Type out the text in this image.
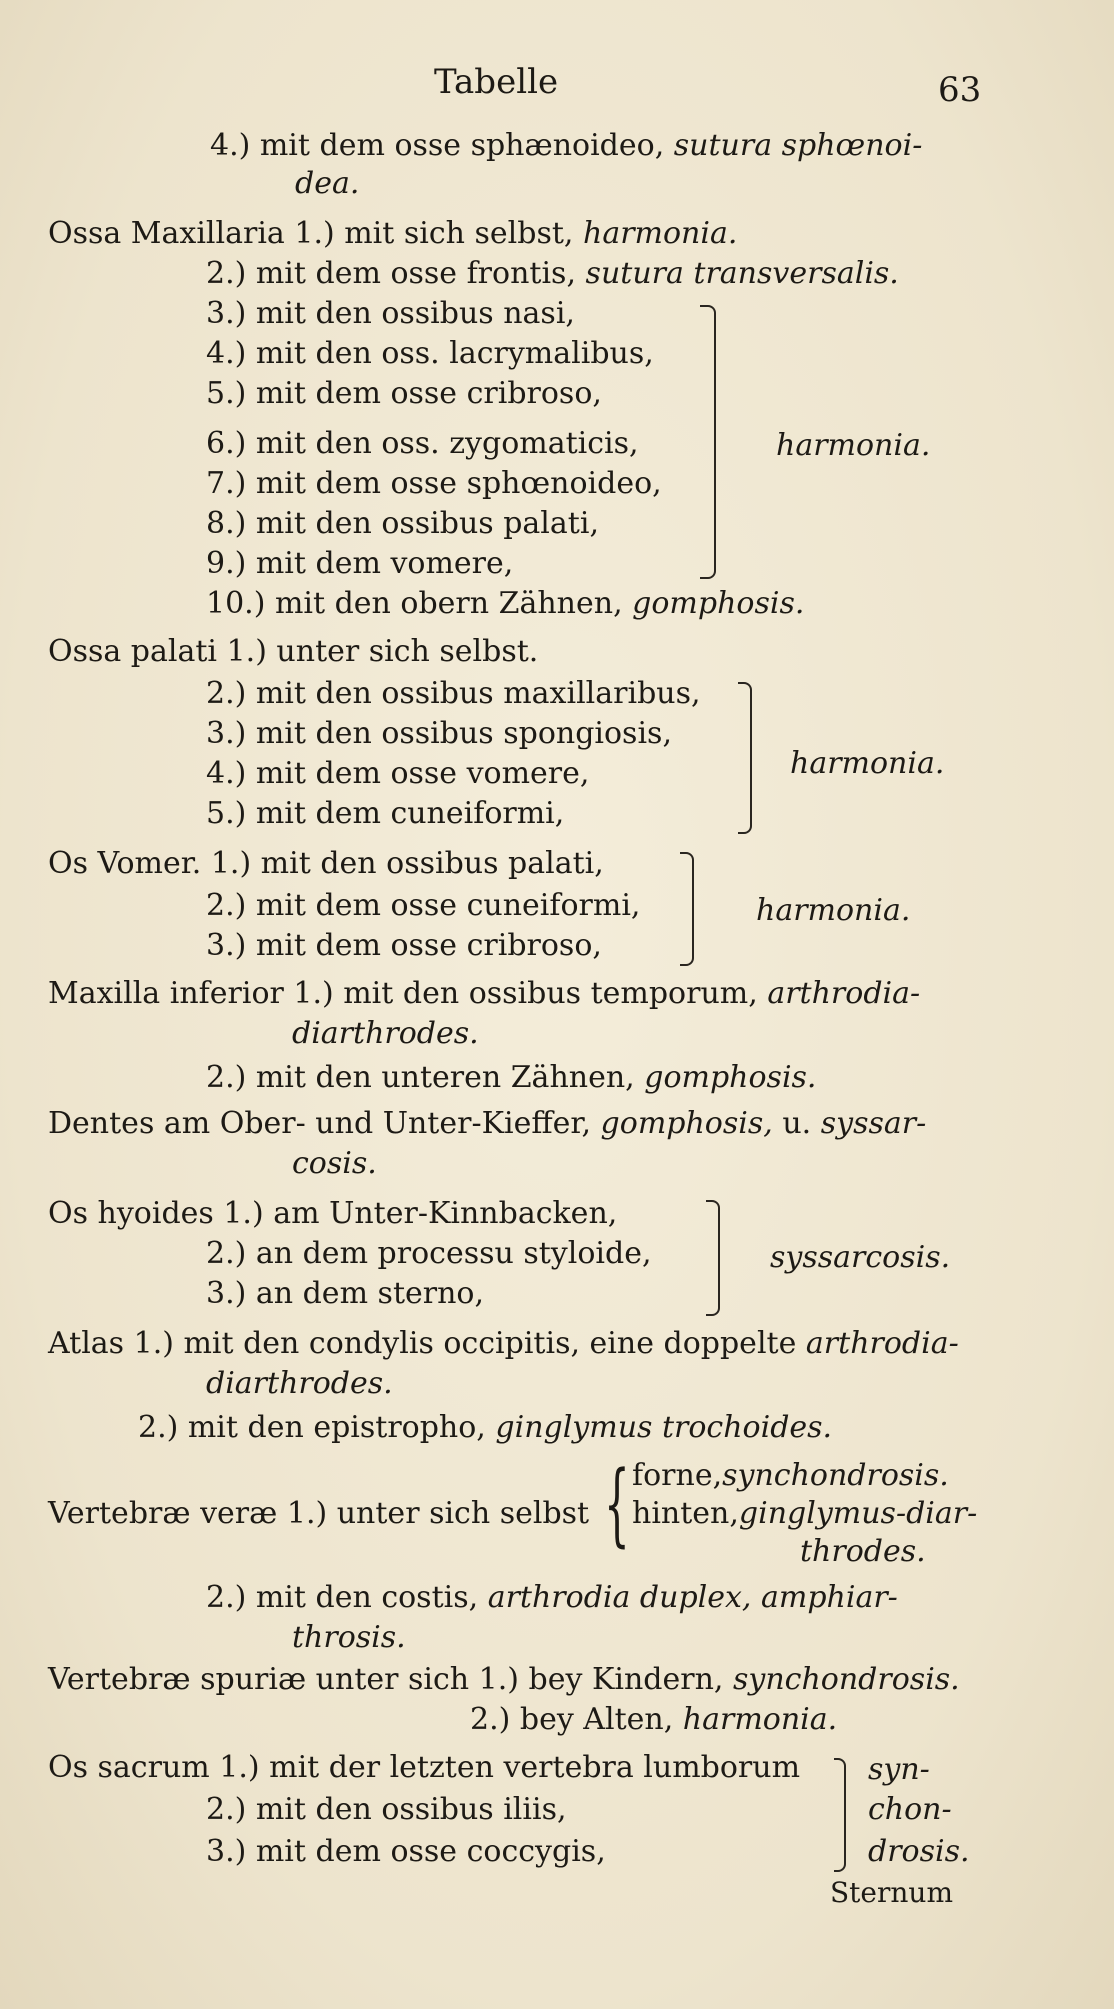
Tabelle	63
4.) mit dem osse sphænoideo, sutura sphœnoi-
dea.
Ossa Maxillaria 1.) mit sich selbst, harmonia.
2.) mit dem osse frontis, sutura transversalis.
3.) mit den ossibus nasi,
4.) mit den oss. lacrymalibus,
5.) mit dem osse cribroso,
6.) mit den oss. zygomaticis,
7.) mit dem osse sphœnoideo,
8.) mit den ossibus palati,
9.) mit dem vomere,
harmonia.
10.) mit den obern Zähnen, gomphosis.
Ossa palati 1.) unter sich selbst.
2.) mit den ossibus maxillaribus,
3.) mit den ossibus spongiosis,
4.) mit dem osse vomere,
5.) mit dem cuneiformi,
harmonia.
Os Vomer. 1.) mit den ossibus palati,
2.) mit dem osse cuneiformi,
3.) mit dem osse cribroso,
harmonia.
Maxilla inferior 1.) mit den ossibus temporum, arthrodia-
diarthrodes.
2.) mit den unteren Zähnen, gomphosis.
Dentes am Ober- und Unter-Kieffer, gomphosis, u. syssar-
cosis.
Os hyoides 1.) am Unter-Kinnbacken,
2.) an dem processu styloide,
3.) an dem sterno,
syssarcosis.
Atlas 1.) mit den condylis occipitis, eine doppelte arthrodia-
diarthrodes.
2.) mit den epistropho, ginglymus trochoides.
forne,synchondrosis.
Vertebræ veræ 1.) unter sich selbst hinten,ginglymus-diar-
throdes.
{
2.) mit den costis, arthrodia duplex, amphiar-
throsis.
Vertebræ spuriæ unter sich 1.) bey Kindern, synchondrosis.
2.) bey Alten, harmonia.
Os sacrum 1.) mit der letzten vertebra lumborum
2.) mit den ossibus iliis,
3.) mit dem osse coccygis,
syn-
chon-
drosis.
Sternum
